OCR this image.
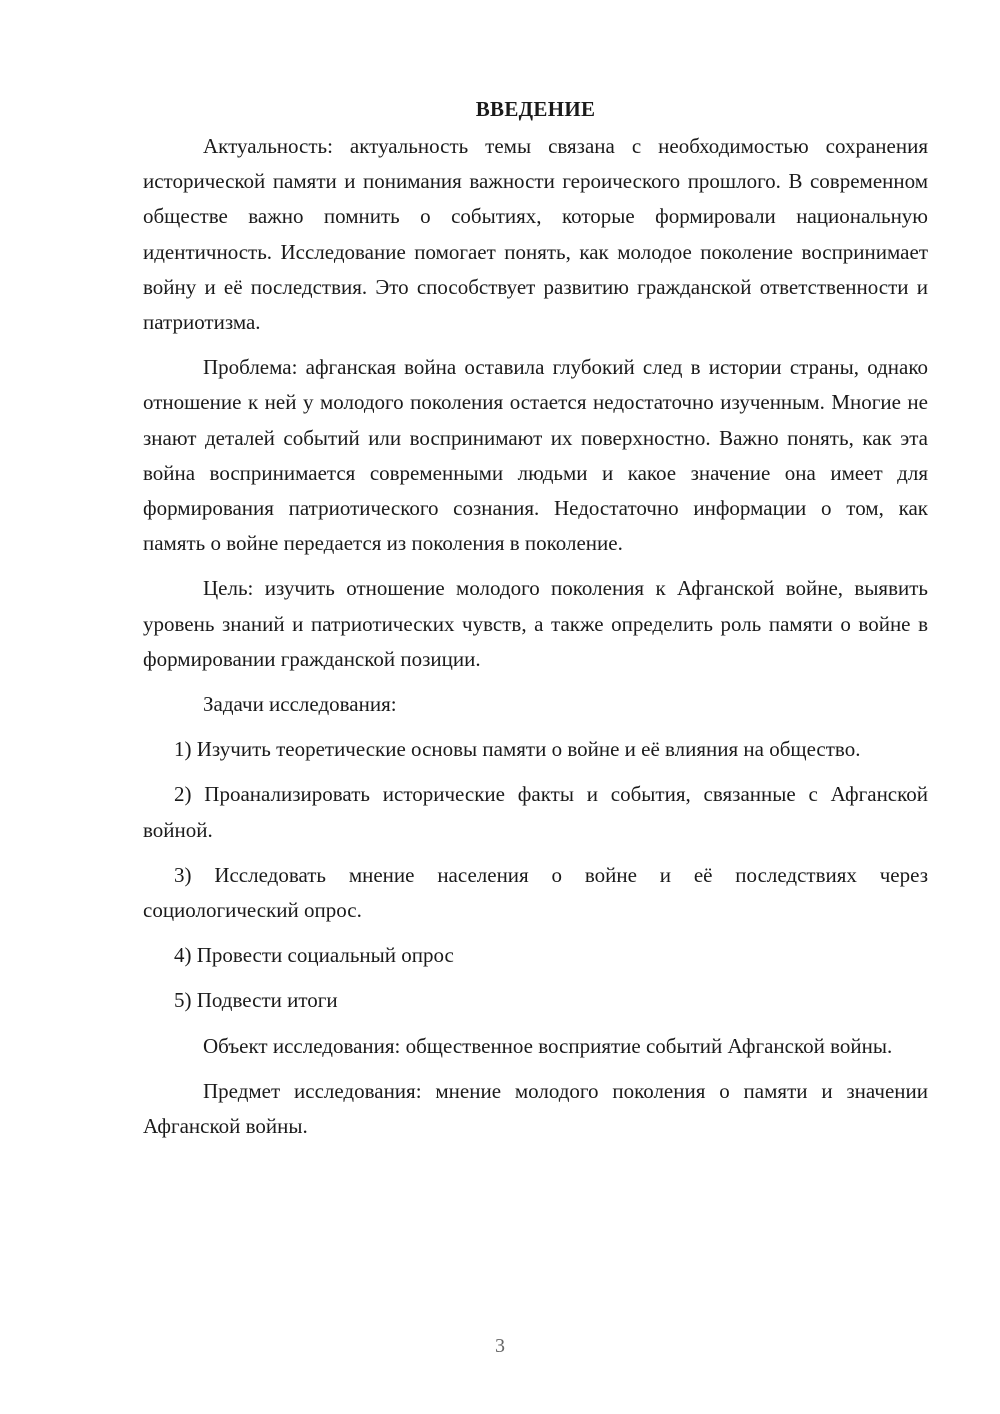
ВВЕДЕНИЕ

Актуальность: актуальность темы связана с необходимостью сохранения исторической памяти и понимания важности героического прошлого. В современном обществе важно помнить о событиях, которые формировали национальную идентичность. Исследование помогает понять, как молодое поколение воспринимает войну и её последствия. Это способствует развитию гражданской ответственности и патриотизма.

Проблема: афганская война оставила глубокий след в истории страны, однако отношение к ней у молодого поколения остается недостаточно изученным. Многие не знают деталей событий или воспринимают их поверхностно. Важно понять, как эта война воспринимается современными людьми и какое значение она имеет для формирования патриотического сознания. Недостаточно информации о том, как память о войне передается из поколения в поколение.

Цель: изучить отношение молодого поколения к Афганской войне, выявить уровень знаний и патриотических чувств, а также определить роль памяти о войне в формировании гражданской позиции.

Задачи исследования:

1) Изучить теоретические основы памяти о войне и её влияния на общество.

2) Проанализировать исторические факты и события, связанные с Афганской войной.

3) Исследовать мнение населения о войне и её последствиях через социологический опрос.

4) Провести социальный опрос

5) Подвести итоги

Объект исследования: общественное восприятие событий Афганской войны.

Предмет исследования: мнение молодого поколения о памяти и значении Афганской войны.

3
